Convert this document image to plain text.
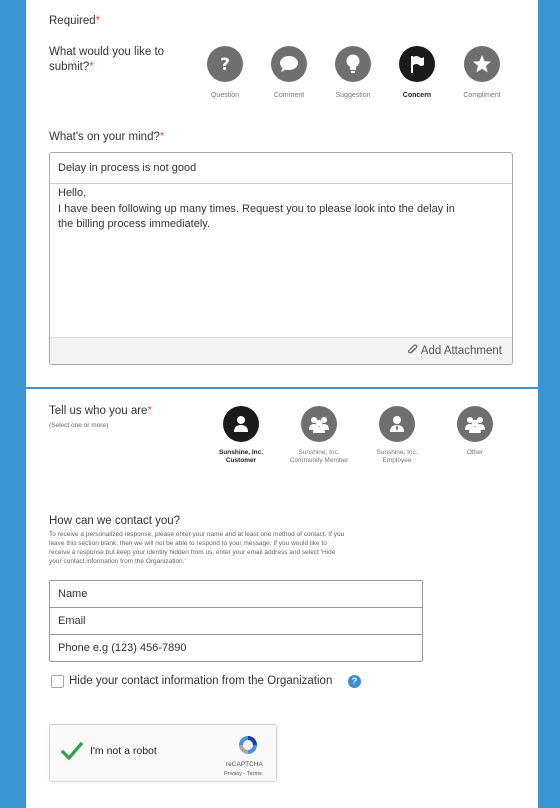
Required*
What would you like to
submit?*	?
Question	Comment	Suggestion	Concern	Compliment
What's on your mind?*
Delay in process is not good
Hello,
I have been following up many times. Request you to please look into the delay in
the billing process immediately.
Add Attachment
Tell us who you are*
(Select one or more)
Sunshine, Inc.
Customer
Sunshine, Inc.
Community Member
Sunshine, Inc.
Employee
Other
How can we contact you?
To receive a personalized response, please enter your name and at least one method of contact. If you
leave this section blank, then we will not be able to respond to your message. If you would like to
receive a response but keep your identity hidden from us, enter your email address and select 'Hide
your contact information from the Organization.'
Name
Email
Phone e.g (123) 456-7890
Hide your contact information from the Organization	?
I'm not a robot
reCAPTCHA
Privacy - Terms
